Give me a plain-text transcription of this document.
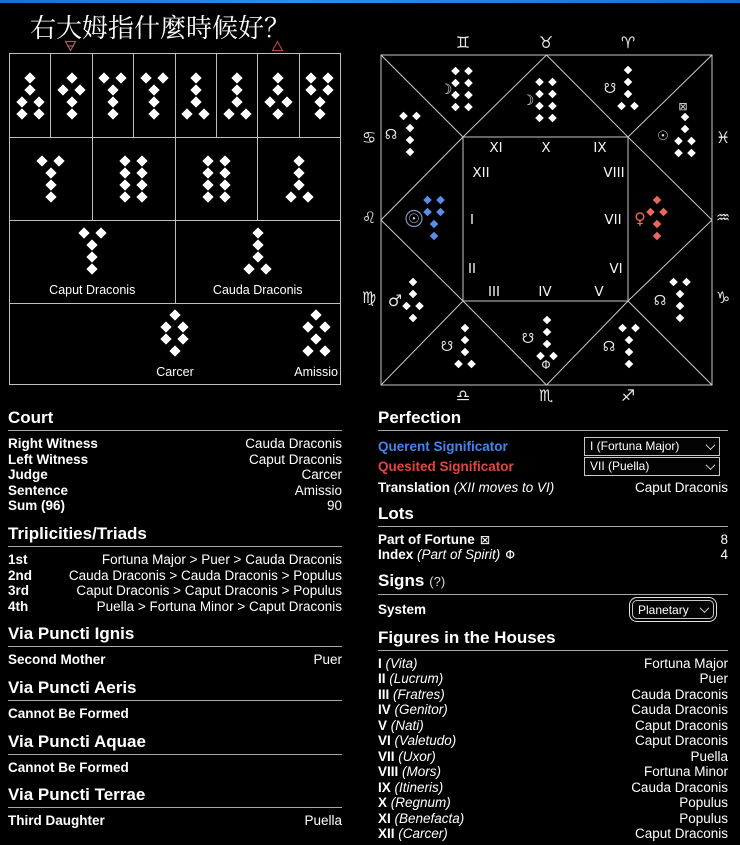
右大姆指什麼時候好？
Caput Draconis	Cauda Draconis
Carcer	Amissio
♊	♉	♈
♎	♏	♐
♋
♌
♍
♓
♒
♑
XI	X	IX
XII	VIII
I	VII
II	VI
III	IV	V
☽
☽
☋
☊	☉
⊠
☉	♀
♂	☊
☋	☋
Φ
☊
Court
Right Witness	Cauda Draconis
Left Witness	Caput Draconis
Judge	Carcer
Sentence	Amissio
Sum (96)	90
Triplicities/Triads
1st	Fortuna Major > Puer > Cauda Draconis
2nd	Cauda Draconis > Cauda Draconis > Populus
3rd	Caput Draconis > Caput Draconis > Populus
4th	Puella > Fortuna Minor > Caput Draconis
Via Puncti Ignis
Second Mother	Puer
Via Puncti Aeris
Cannot Be Formed
Via Puncti Aquae
Cannot Be Formed
Via Puncti Terrae
Third Daughter	Puella
Perfection
Querent Significator	I (Fortuna Major)
Quesited Significator	VII (Puella)
Translation (XII moves to VI)	Caput Draconis
Lots
Part of Fortune ⊠	8
Index (Part of Spirit) Φ	4
Signs (?)
System	Planetary
Figures in the Houses
I (Vita)	Fortuna Major
II (Lucrum)	Puer
III (Fratres)	Cauda Draconis
IV (Genitor)	Cauda Draconis
V (Nati)	Caput Draconis
VI (Valetudo)	Caput Draconis
VII (Uxor)	Puella
VIII (Mors)	Fortuna Minor
IX (Itineris)	Cauda Draconis
X (Regnum)	Populus
XI (Benefacta)	Populus
XII (Carcer)	Caput Draconis
